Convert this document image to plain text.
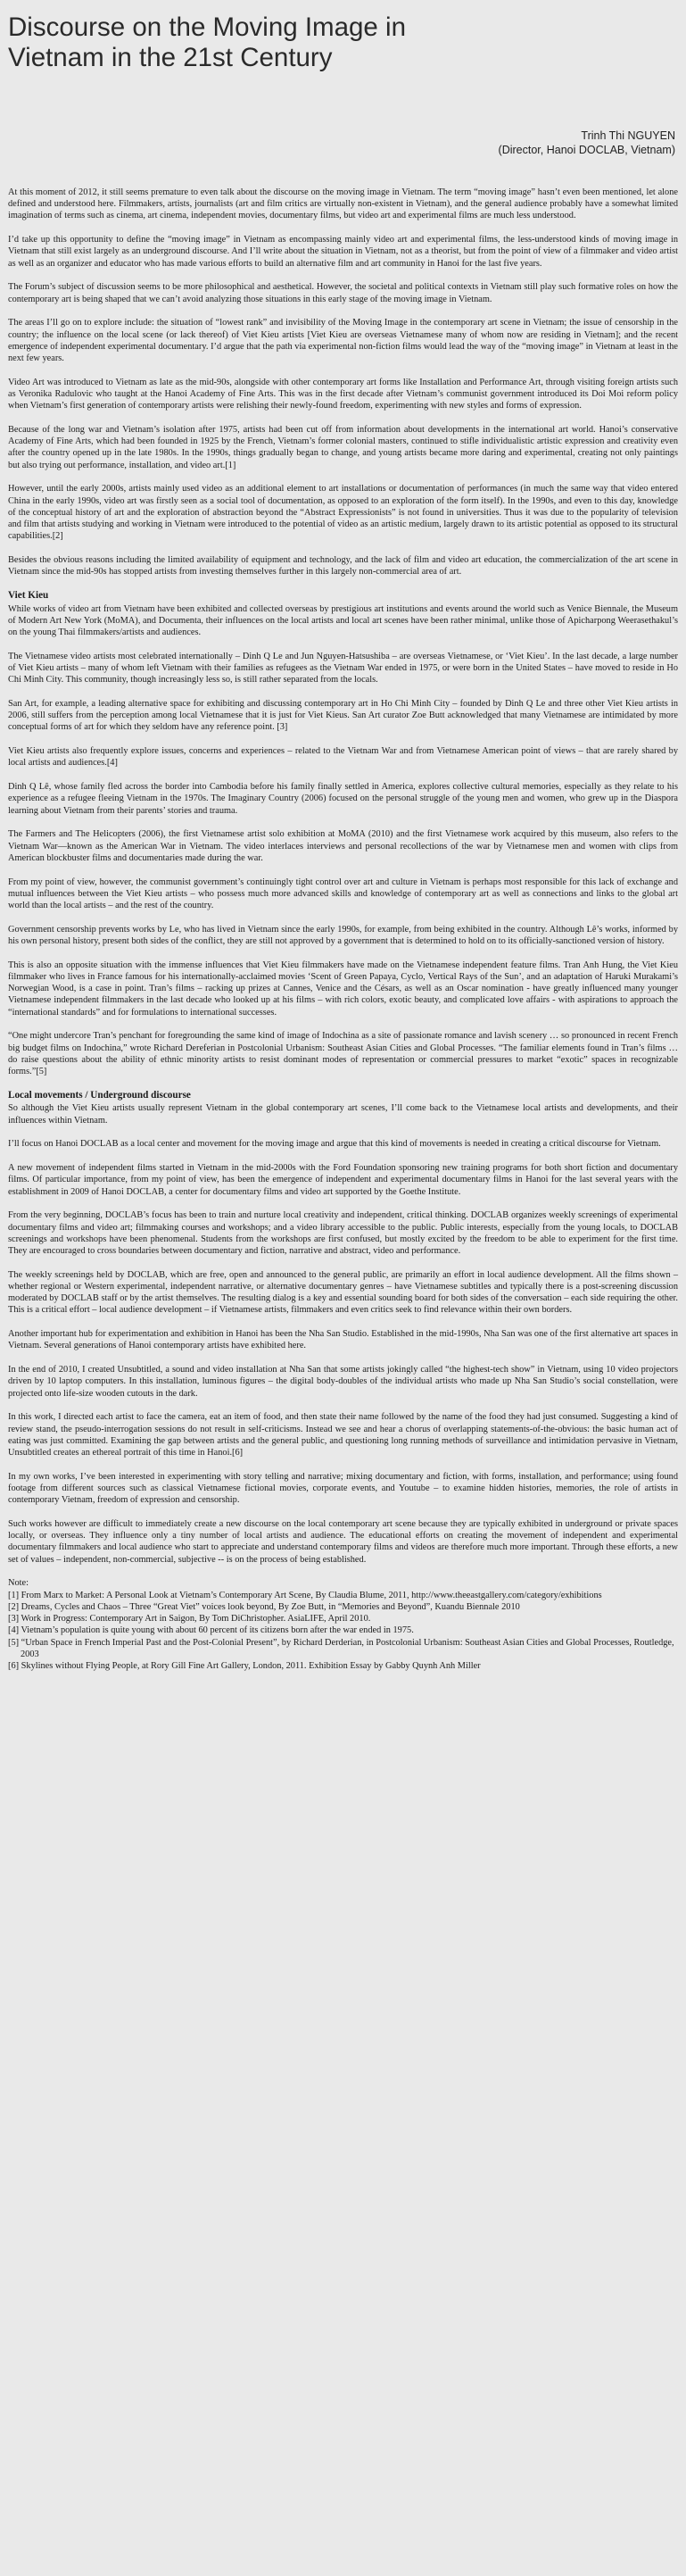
Discourse on the Moving Image in Vietnam in the 21st Century
Trinh Thi NGUYEN
(Director, Hanoi DOCLAB, Vietnam)

At this moment of 2012, it still seems premature to even talk about the discourse on the moving image in Vietnam. The term “moving image” hasn’t even been mentioned, let alone defined and understood here. Filmmakers, artists, journalists (art and film critics are virtually non-existent in Vietnam), and the general audience probably have a somewhat limited imagination of terms such as cinema, art cinema, independent movies, documentary films, but video art and experimental films are much less understood.

I’d take up this opportunity to define the “moving image” in Vietnam as encompassing mainly video art and experimental films, the less-understood kinds of moving image in Vietnam that still exist largely as an underground discourse. And I’ll write about the situation in Vietnam, not as a theorist, but from the point of view of a filmmaker and video artist as well as an organizer and educator who has made various efforts to build an alternative film and art community in Hanoi for the last five years.

The Forum’s subject of discussion seems to be more philosophical and aesthetical. However, the societal and political contexts in Vietnam still play such formative roles on how the contemporary art is being shaped that we can’t avoid analyzing those situations in this early stage of the moving image in Vietnam.

The areas I’ll go on to explore include: the situation of “lowest rank” and invisibility of the Moving Image in the contemporary art scene in Vietnam; the issue of censorship in the country; the influence on the local scene (or lack thereof) of Viet Kieu artists [Viet Kieu are overseas Vietnamese many of whom now are residing in Vietnam]; and the recent emergence of independent experimental documentary. I’d argue that the path via experimental non-fiction films would lead the way of the “moving image” in Vietnam at least in the next few years.

Video Art was introduced to Vietnam as late as the mid-90s, alongside with other contemporary art forms like Installation and Performance Art, through visiting foreign artists such as Veronika Radulovic who taught at the Hanoi Academy of Fine Arts. This was in the first decade after Vietnam’s communist government introduced its Doi Moi reform policy when Vietnam’s first generation of contemporary artists were relishing their newly-found freedom, experimenting with new styles and forms of expression.

Because of the long war and Vietnam’s isolation after 1975, artists had been cut off from information about developments in the international art world. Hanoi’s conservative Academy of Fine Arts, which had been founded in 1925 by the French, Vietnam’s former colonial masters, continued to stifle individualistic artistic expression and creativity even after the country opened up in the late 1980s. In the 1990s, things gradually began to change, and young artists became more daring and experimental, creating not only paintings but also trying out performance, installation, and video art.[1]

However, until the early 2000s, artists mainly used video as an additional element to art installations or documentation of performances (in much the same way that video entered China in the early 1990s, video art was firstly seen as a social tool of documentation, as opposed to an exploration of the form itself). In the 1990s, and even to this day, knowledge of the conceptual history of art and the exploration of abstraction beyond the “Abstract Expressionists” is not found in universities. Thus it was due to the popularity of television and film that artists studying and working in Vietnam were introduced to the potential of video as an artistic medium, largely drawn to its artistic potential as opposed to its structural capabilities.[2]

Besides the obvious reasons including the limited availability of equipment and technology, and the lack of film and video art education, the commercialization of the art scene in Vietnam since the mid-90s has stopped artists from investing themselves further in this largely non-commercial area of art.

Viet Kieu

While works of video art from Vietnam have been exhibited and collected overseas by prestigious art institutions and events around the world such as Venice Biennale, the Museum of Modern Art New York (MoMA), and Documenta, their influences on the local artists and local art scenes have been rather minimal, unlike those of Apicharpong Weerasethakul’s on the young Thai filmmakers/artists and audiences.

The Vietnamese video artists most celebrated internationally – Dinh Q Le and Jun Nguyen-Hatsushiba – are overseas Vietnamese, or ‘Viet Kieu’. In the last decade, a large number of Viet Kieu artists – many of whom left Vietnam with their families as refugees as the Vietnam War ended in 1975, or were born in the United States – have moved to reside in Ho Chi Minh City. This community, though increasingly less so, is still rather separated from the locals.

San Art, for example, a leading alternative space for exhibiting and discussing contemporary art in Ho Chi Minh City – founded by Dinh Q Le and three other Viet Kieu artists in 2006, still suffers from the perception among local Vietnamese that it is just for Viet Kieus. San Art curator Zoe Butt acknowledged that many Vietnamese are intimidated by more conceptual forms of art for which they seldom have any reference point. [3]

Viet Kieu artists also frequently explore issues, concerns and experiences – related to the Vietnam War and from Vietnamese American point of views – that are rarely shared by local artists and audiences.[4]

Dinh Q Lê, whose family fled across the border into Cambodia before his family finally settled in America, explores collective cultural memories, especially as they relate to his experience as a refugee fleeing Vietnam in the 1970s. The Imaginary Country (2006) focused on the personal struggle of the young men and women, who grew up in the Diaspora learning about Vietnam from their parents’ stories and trauma.

The Farmers and The Helicopters (2006), the first Vietnamese artist solo exhibition at MoMA (2010) and the first Vietnamese work acquired by this museum, also refers to the Vietnam War—known as the American War in Vietnam. The video interlaces interviews and personal recollections of the war by Vietnamese men and women with clips from American blockbuster films and documentaries made during the war.

From my point of view, however, the communist government’s continuingly tight control over art and culture in Vietnam is perhaps most responsible for this lack of exchange and mutual influences between the Viet Kieu artists – who possess much more advanced skills and knowledge of contemporary art as well as connections and links to the global art world than the local artists – and the rest of the country.

Government censorship prevents works by Le, who has lived in Vietnam since the early 1990s, for example, from being exhibited in the country. Although Lê’s works, informed by his own personal history, present both sides of the conflict, they are still not approved by a government that is determined to hold on to its officially-sanctioned version of history.

This is also an opposite situation with the immense influences that Viet Kieu filmmakers have made on the Vietnamese independent feature films. Tran Anh Hung, the Viet Kieu filmmaker who lives in France famous for his internationally-acclaimed movies ‘Scent of Green Papaya, Cyclo, Vertical Rays of the Sun’, and an adaptation of Haruki Murakami’s Norwegian Wood, is a case in point. Tran’s films – racking up prizes at Cannes, Venice and the Césars, as well as an Oscar nomination - have greatly influenced many younger Vietnamese independent filmmakers in the last decade who looked up at his films – with rich colors, exotic beauty, and complicated love affairs - with aspirations to approach the “international standards” and for formulations to international successes.

“One might undercore Tran’s penchant for foregrounding the same kind of image of Indochina as a site of passionate romance and lavish scenery … so pronounced in recent French big budget films on Indochina,” wrote Richard Dereferian in Postcolonial Urbanism: Southeast Asian Cities and Global Processes. “The familiar elements found in Tran’s films … do raise questions about the ability of ethnic minority artists to resist dominant modes of representation or commercial pressures to market “exotic” spaces in recognizable forms.”[5]

Local movements / Underground discourse

So although the Viet Kieu artists usually represent Vietnam in the global contemporary art scenes, I’ll come back to the Vietnamese local artists and developments, and their influences within Vietnam.

I’ll focus on Hanoi DOCLAB as a local center and movement for the moving image and argue that this kind of movements is needed in creating a critical discourse for Vietnam.

A new movement of independent films started in Vietnam in the mid-2000s with the Ford Foundation sponsoring new training programs for both short fiction and documentary films. Of particular importance, from my point of view, has been the emergence of independent and experimental documentary films in Hanoi for the last several years with the establishment in 2009 of Hanoi DOCLAB, a center for documentary films and video art supported by the Goethe Institute.

From the very beginning, DOCLAB’s focus has been to train and nurture local creativity and independent, critical thinking. DOCLAB organizes weekly screenings of experimental documentary films and video art; filmmaking courses and workshops; and a video library accessible to the public. Public interests, especially from the young locals, to DOCLAB screenings and workshops have been phenomenal. Students from the workshops are first confused, but mostly excited by the freedom to be able to experiment for the first time. They are encouraged to cross boundaries between documentary and fiction, narrative and abstract, video and performance.

The weekly screenings held by DOCLAB, which are free, open and announced to the general public, are primarily an effort in local audience development. All the films shown – whether regional or Western experimental, independent narrative, or alternative documentary genres – have Vietnamese subtitles and typically there is a post-screening discussion moderated by DOCLAB staff or by the artist themselves. The resulting dialog is a key and essential sounding board for both sides of the conversation – each side requiring the other. This is a critical effort – local audience development – if Vietnamese artists, filmmakers and even critics seek to find relevance within their own borders.

Another important hub for experimentation and exhibition in Hanoi has been the Nha San Studio. Established in the mid-1990s, Nha San was one of the first alternative art spaces in Vietnam. Several generations of Hanoi contemporary artists have exhibited here.

In the end of 2010, I created Unsubtitled, a sound and video installation at Nha San that some artists jokingly called “the highest-tech show” in Vietnam, using 10 video projectors driven by 10 laptop computers. In this installation, luminous figures – the digital body-doubles of the individual artists who made up Nha San Studio’s social constellation, were projected onto life-size wooden cutouts in the dark.

In this work, I directed each artist to face the camera, eat an item of food, and then state their name followed by the name of the food they had just consumed. Suggesting a kind of review stand, the pseudo-interrogation sessions do not result in self-criticisms. Instead we see and hear a chorus of overlapping statements-of-the-obvious: the basic human act of eating was just committed. Examining the gap between artists and the general public, and questioning long running methods of surveillance and intimidation pervasive in Vietnam, Unsubtitled creates an ethereal portrait of this time in Hanoi.[6]

In my own works, I’ve been interested in experimenting with story telling and narrative; mixing documentary and fiction, with forms, installation, and performance; using found footage from different sources such as classical Vietnamese fictional movies, corporate events, and Youtube – to examine hidden histories, memories, the role of artists in contemporary Vietnam, freedom of expression and censorship.

Such works however are difficult to immediately create a new discourse on the local contemporary art scene because they are typically exhibited in underground or private spaces locally, or overseas. They influence only a tiny number of local artists and audience. The educational efforts on creating the movement of independent and experimental documentary filmmakers and local audience who start to appreciate and understand contemporary films and videos are therefore much more important. Through these efforts, a new set of values – independent, non-commercial, subjective -- is on the process of being established.

Note:
[1] From Marx to Market: A Personal Look at Vietnam’s Contemporary Art Scene, By Claudia Blume, 2011, http://www.theeastgallery.com/category/exhibitions
[2] Dreams, Cycles and Chaos – Three “Great Viet” voices look beyond, By Zoe Butt, in “Memories and Beyond”, Kuandu Biennale 2010
[3] Work in Progress: Contemporary Art in Saigon, By Tom DiChristopher. AsiaLIFE, April 2010.
[4] Vietnam’s population is quite young with about 60 percent of its citizens born after the war ended in 1975.
[5] “Urban Space in French Imperial Past and the Post-Colonial Present”, by Richard Derderian, in Postcolonial Urbanism: Southeast Asian Cities and Global Processes, Routledge, 2003
[6] Skylines without Flying People, at Rory Gill Fine Art Gallery, London, 2011. Exhibition Essay by Gabby Quynh Anh Miller
